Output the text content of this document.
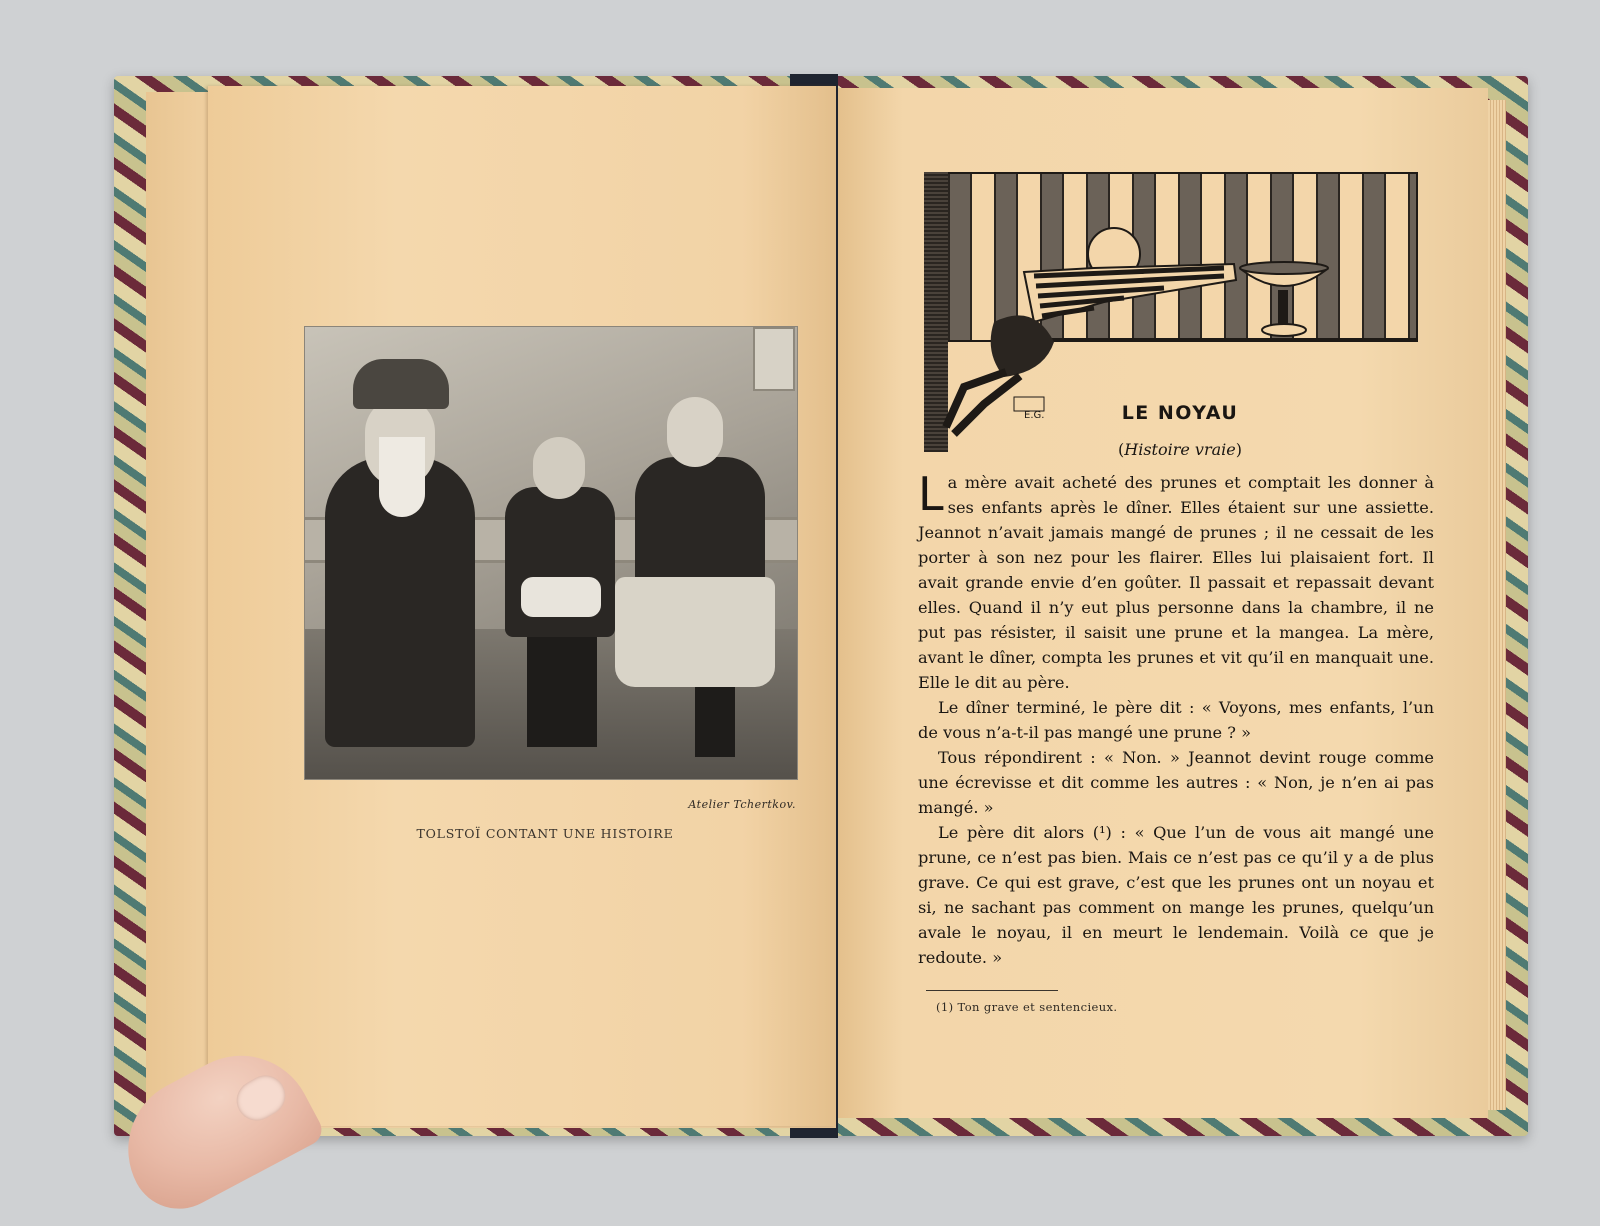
Atelier Tchertkov.
TOLSTOÏ CONTANT UNE HISTOIRE
E.G.	LE NOYAU
(Histoire vraie)

La mère avait acheté des prunes et comptait les donner à ses enfants après le dîner. Elles étaient sur une assiette. Jeannot n’avait jamais mangé de prunes ; il ne cessait de les porter à son nez pour les flairer. Elles lui plaisaient fort. Il avait grande envie d’en goûter. Il passait et repassait devant elles. Quand il n’y eut plus personne dans la chambre, il ne put pas résister, il saisit une prune et la mangea. La mère, avant le dîner, compta les prunes et vit qu’il en manquait une. Elle le dit au père.

Le dîner terminé, le père dit : « Voyons, mes enfants, l’un de vous n’a-t-il pas mangé une prune ? »

Tous répondirent : « Non. » Jeannot devint rouge comme une écrevisse et dit comme les autres : « Non, je n’en ai pas mangé. »

Le père dit alors (¹) : « Que l’un de vous ait mangé une prune, ce n’est pas bien. Mais ce n’est pas ce qu’il y a de plus grave. Ce qui est grave, c’est que les prunes ont un noyau et si, ne sachant pas comment on mange les prunes, quelqu’un avale le noyau, il en meurt le lendemain. Voilà ce que je redoute. »

(1) Ton grave et sentencieux.
